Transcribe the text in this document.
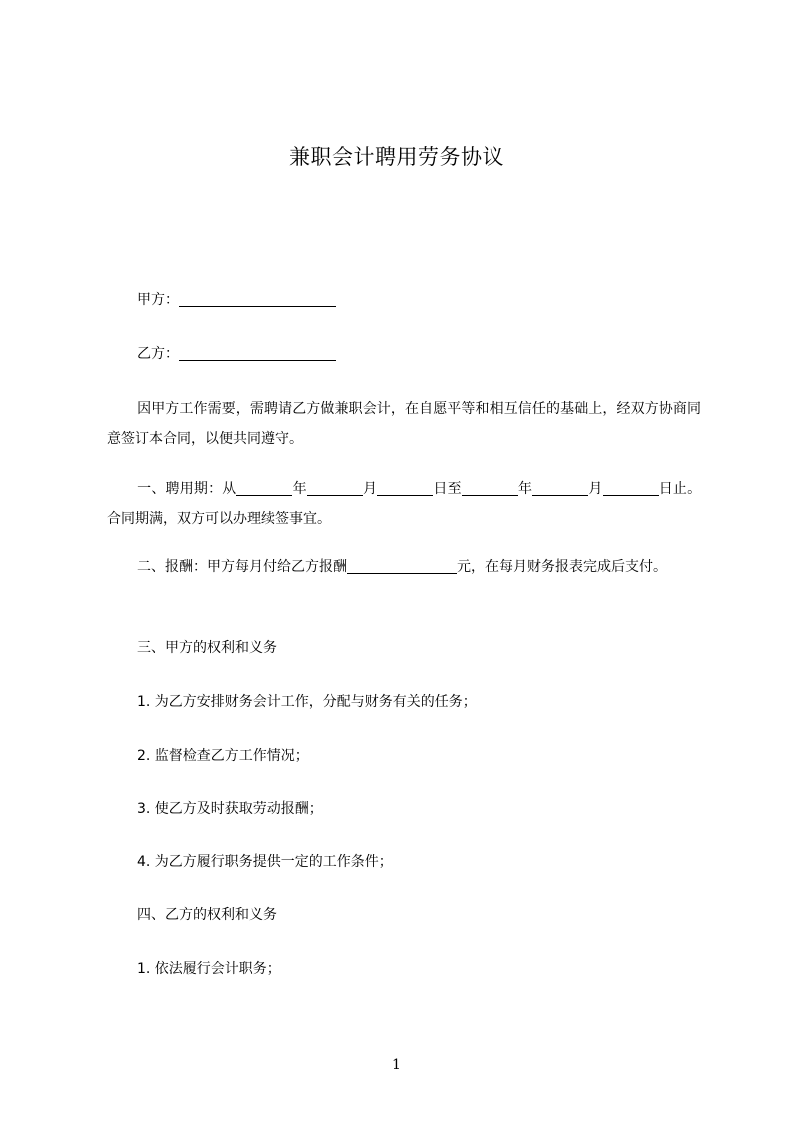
兼职会计聘用劳务协议
甲方：
乙方：
因甲方工作需要，需聘请乙方做兼职会计，在自愿平等和相互信任的基础上，经双方协商同意签订本合同，以便共同遵守。
一、聘用期：从	年	月	日至	年	月	日止。合同期满，双方可以办理续签事宜。
二、报酬：甲方每月付给乙方报酬	元，在每月财务报表完成后支付。
三、甲方的权利和义务
1. 为乙方安排财务会计工作，分配与财务有关的任务；
2. 监督检查乙方工作情况；
3. 使乙方及时获取劳动报酬；
4. 为乙方履行职务提供一定的工作条件；
四、乙方的权利和义务
1. 依法履行会计职务；
1
